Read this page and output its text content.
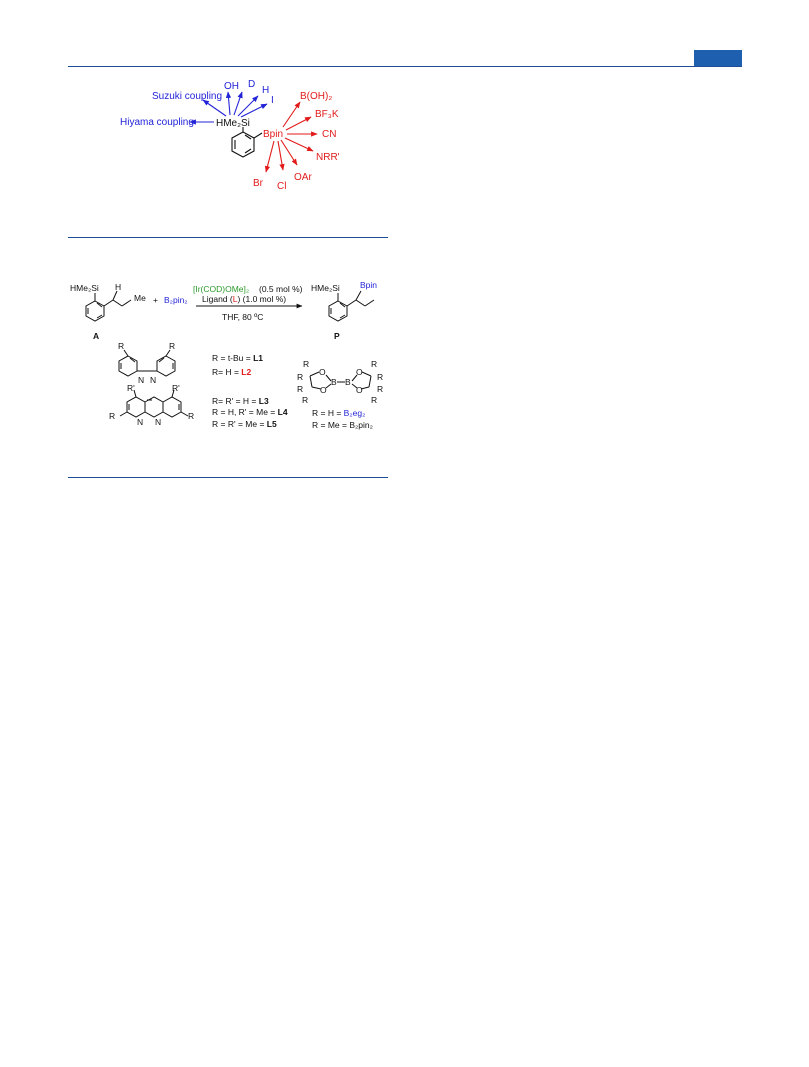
HMe₂Si
Bpin
Suzuki coupling
OH D
H
I
Hiyama coupling
B(OH)₂
BF₃K
CN
NRR'
OAr
Cl
Br
HMe₂Si H
Me + B₂pin₂
A
[Ir(COD)OMe]₂ (0.5 mol %)
Ligand (L) (1.0 mol %)
THF, 80 ºC
HMe₂Si Bpin
P
R	R
N N
R = t-Bu = L1
R= H = L2
R'	R'
R	R
N N
R= R' = H = L3
R = H, R' = Me = L4
R = R' = Me = L5
R
R
R
R
O
O
B B
O
O
R
R
R
R
R = H = B₂eg₂
R = Me = B₂pin₂
